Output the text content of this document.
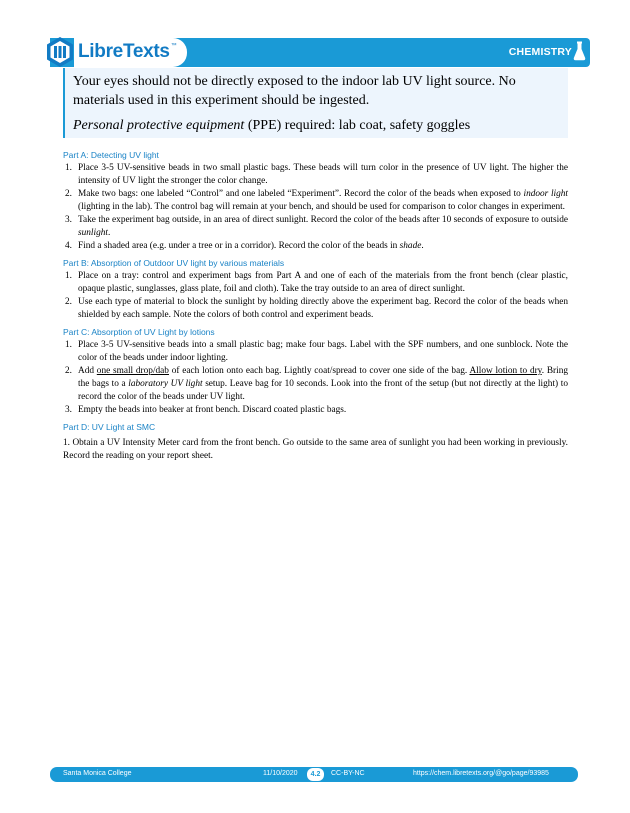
LibreTexts ™	CHEMISTRY

Your eyes should not be directly exposed to the indoor lab UV light source. No materials used in this experiment should be ingested.

Personal protective equipment (PPE) required: lab coat, safety goggles

Part A: Detecting UV light
1. Place 3-5 UV-sensitive beads in two small plastic bags. These beads will turn color in the presence of UV light. The higher the intensity of UV light the stronger the color change.
2. Make two bags: one labeled “Control” and one labeled “Experiment”. Record the color of the beads when exposed to indoor light (lighting in the lab). The control bag will remain at your bench, and should be used for comparison to color changes in experiment.
3. Take the experiment bag outside, in an area of direct sunlight. Record the color of the beads after 10 seconds of exposure to outside sunlight.
4. Find a shaded area (e.g. under a tree or in a corridor). Record the color of the beads in shade.
Part B: Absorption of Outdoor UV light by various materials
1. Place on a tray: control and experiment bags from Part A and one of each of the materials from the front bench (clear plastic, opaque plastic, sunglasses, glass plate, foil and cloth). Take the tray outside to an area of direct sunlight.
2. Use each type of material to block the sunlight by holding directly above the experiment bag. Record the color of the beads when shielded by each sample. Note the colors of both control and experiment beads.
Part C: Absorption of UV Light by lotions
1. Place 3-5 UV-sensitive beads into a small plastic bag; make four bags. Label with the SPF numbers, and one sunblock. Note the color of the beads under indoor lighting.
2. Add one small drop/dab of each lotion onto each bag. Lightly coat/spread to cover one side of the bag. Allow lotion to dry. Bring the bags to a laboratory UV light setup. Leave bag for 10 seconds. Look into the front of the setup (but not directly at the light) to record the color of the beads under UV light.
3. Empty the beads into beaker at front bench. Discard coated plastic bags.
Part D: UV Light at SMC

1. Obtain a UV Intensity Meter card from the front bench. Go outside to the same area of sunlight you had been working in previously. Record the reading on your report sheet.

Santa Monica College	11/10/2020	4.2	CC-BY-NC	https://chem.libretexts.org/@go/page/93985
